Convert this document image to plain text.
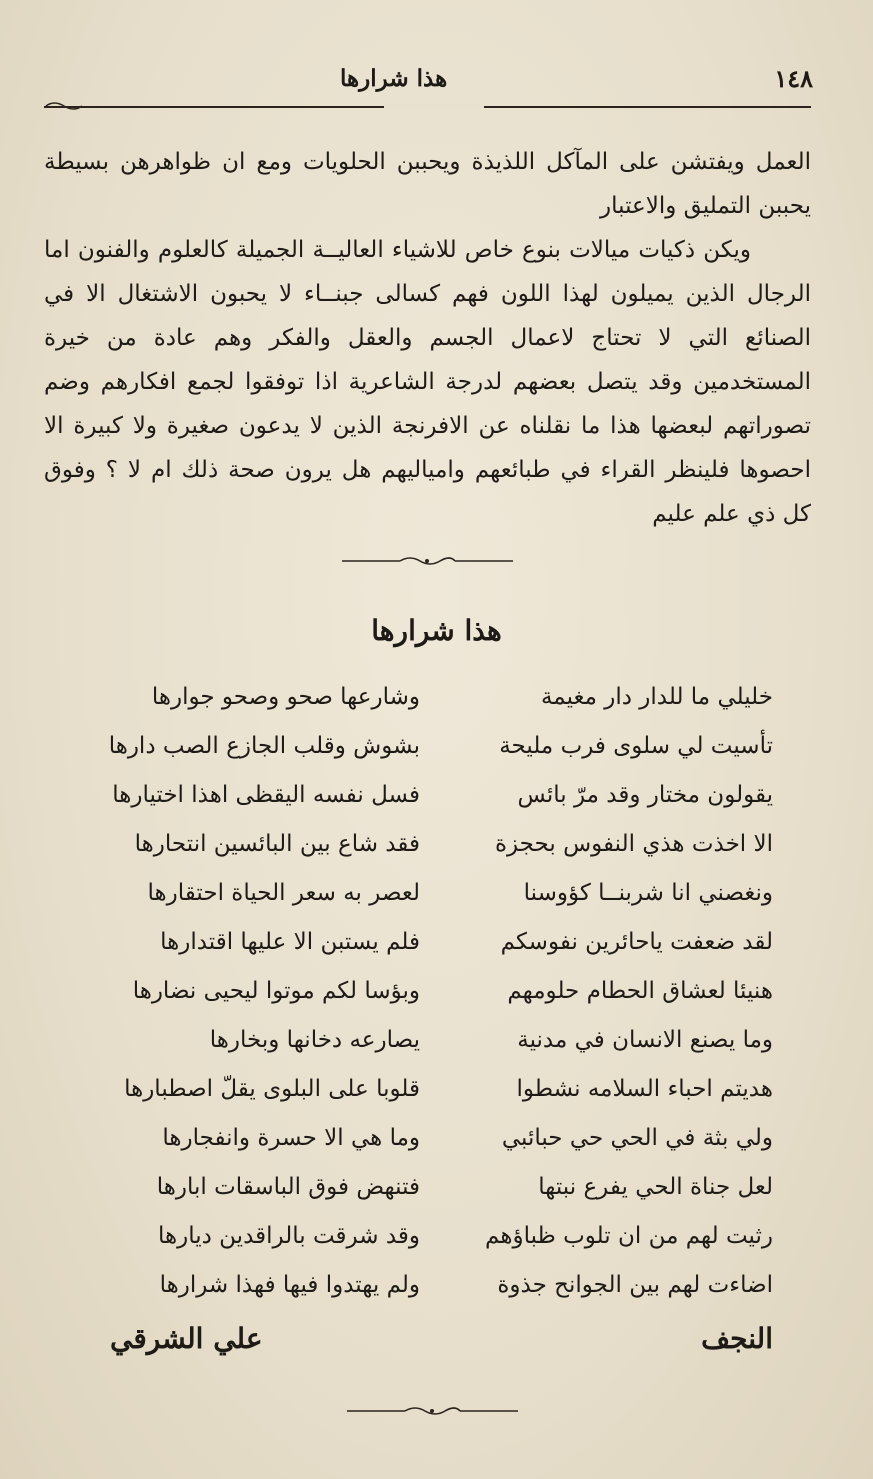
١٤٨
هذا شرارها

العمل ويفتشن على المآكل اللذيذة ويحببن الحلويات ومع ان ظواهرهن بسيطة يحببن التمليق والاعتبار

ويكن ذكيات ميالات بنوع خاص للاشياء العاليــة الجميلة كالعلوم والفنون اما الرجال الذين يميلون لهذا اللون فهم كسالى جبنــاء لا يحبون الاشتغال الا في الصنائع التي لا تحتاج لاعمال الجسم والعقل والفكر وهم عادة من خيرة المستخدمين وقد يتصل بعضهم لدرجة الشاعرية اذا توفقوا لجمع افكارهم وضم تصوراتهم لبعضها هذا ما نقلناه عن الافرنجة الذين لا يدعون صغيرة ولا كبيرة الا احصوها فلينظر القراء في طبائعهم وامياليهم هل يرون صحة ذلك ام لا ؟ وفوق كل ذي علم عليم

هذا شرارها
خليلي ما للدار دار مغيمة
وشارعها صحو وصحو جوارها
تأسيت لي سلوى فرب مليحة
بشوش وقلب الجازع الصب دارها
يقولون مختار وقد مرّ بائس
فسل نفسه اليقظى اهذا اختيارها
الا اخذت هذي النفوس بحجزة
فقد شاع بين البائسين انتحارها
ونغصني انا شربنــا كؤوسنا
لعصر به سعر الحياة احتقارها
لقد ضعفت ياحائرين نفوسكم
فلم يستبن الا عليها اقتدارها
هنيئا لعشاق الحطام حلومهم
وبؤسا لكم موتوا ليحيى نضارها
وما يصنع الانسان في مدنية
يصارعه دخانها وبخارها
هديتم احباء السلامه نشطوا
قلوبا على البلوى يقلّ اصطبارها
ولي بثة في الحي حي حبائبي
وما هي الا حسرة وانفجارها
لعل جناة الحي يفرع نبتها
فتنهض فوق الباسقات ابارها
رثيت لهم من ان تلوب ظباؤهم
وقد شرقت بالراقدين ديارها
اضاءت لهم بين الجوانح جذوة
ولم يهتدوا فيها فهذا شرارها
النجف
علي الشرقي
